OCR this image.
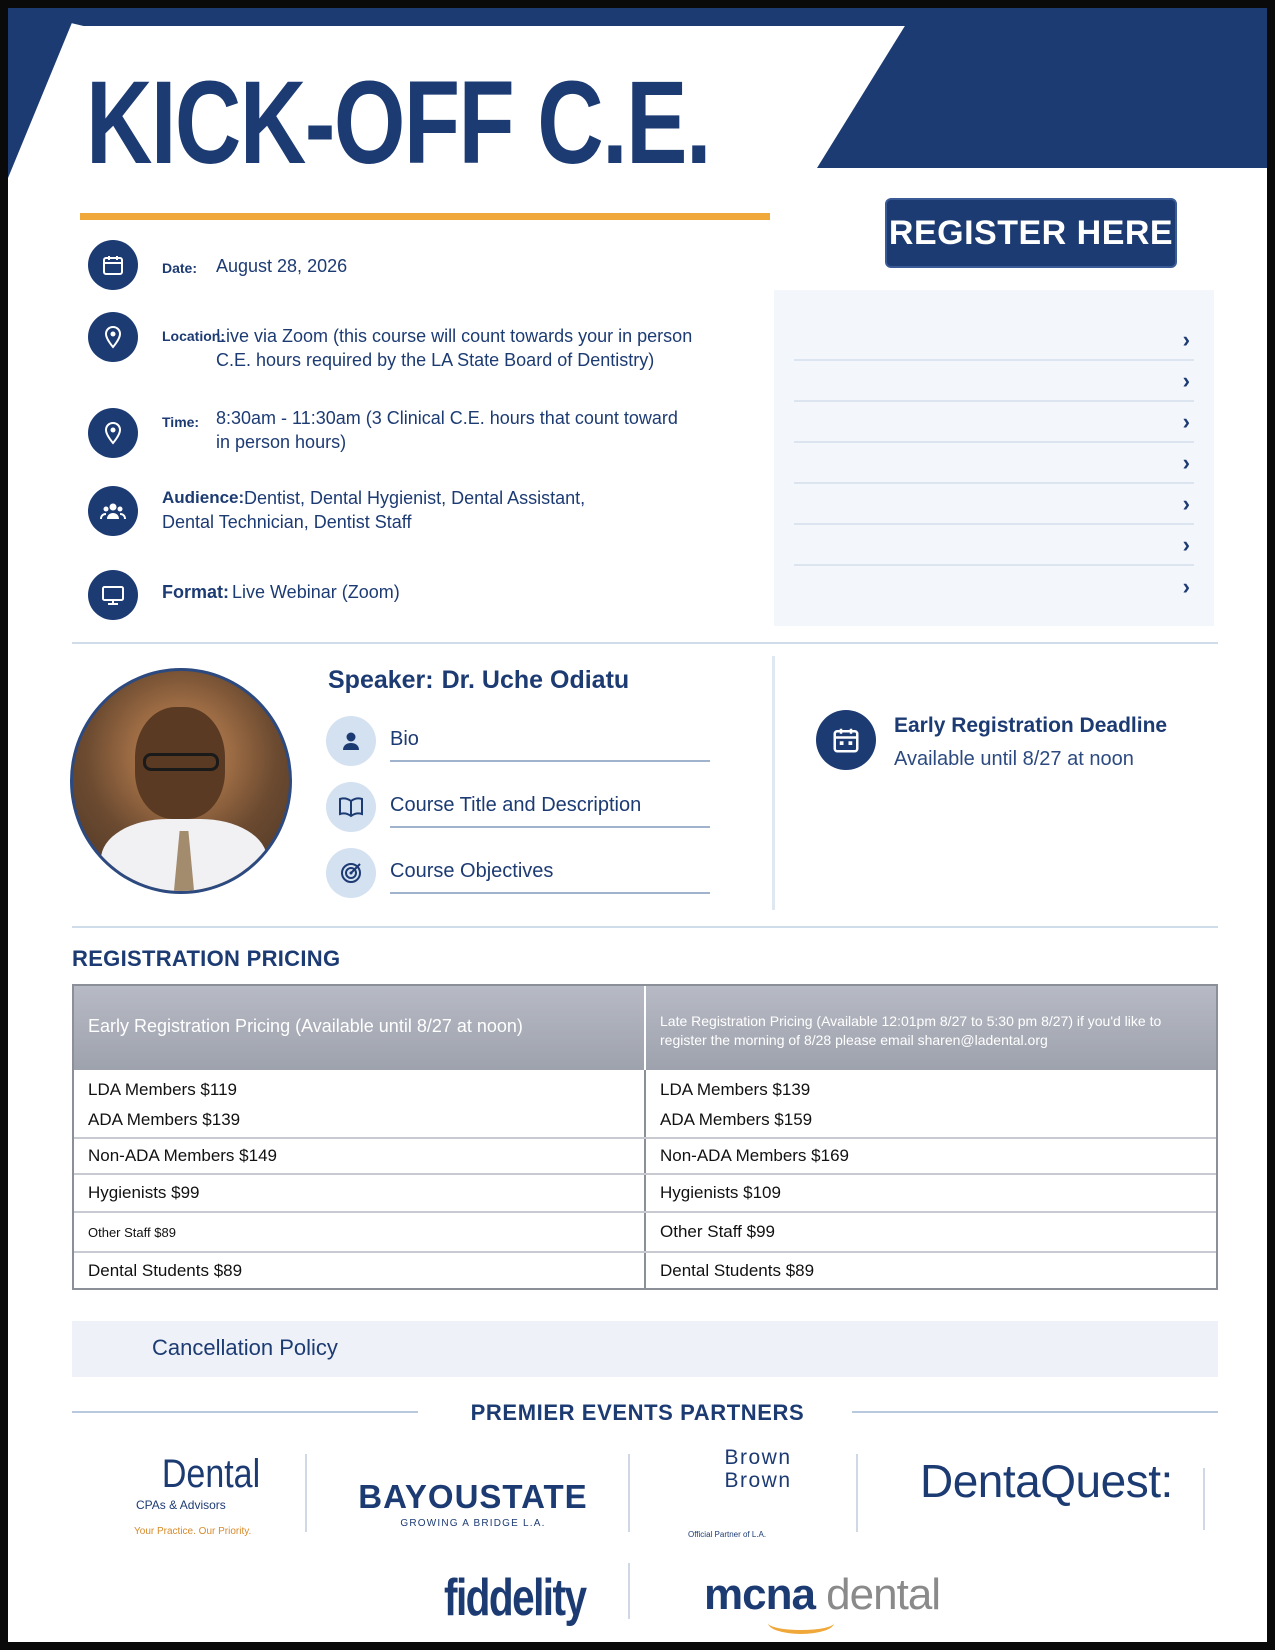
KICK-OFF C.E.
REGISTER HERE
Date: August 28, 2026
Location:
Live via Zoom (this course will count towards your in person C.E. hours required by the LA State Board of Dentistry)
Time: 8:30am - 11:30am (3 Clinical C.E. hours that count toward in person hours)
Audience: Dentist, Dental Hygienist, Dental Assistant, Dental Technician, Dentist Staff
Format: Live Webinar (Zoom)
›
›
›
›
›
›
›
Speaker: Dr. Uche Odiatu
Bio
Course Title and Description
Course Objectives
Early Registration Deadline
Available until 8/27 at noon
REGISTRATION PRICING
Early Registration Pricing (Available until 8/27 at noon)	Late Registration Pricing (Available 12:01pm 8/27 to 5:30 pm 8/27) if you'd like to register the morning of 8/28 please email sharen@ladental.org
LDA Members $119	LDA Members $139
ADA Members $139	ADA Members $159
Non-ADA Members $149	Non-ADA Members $169
Hygienists $99	Hygienists $109
Other Staff $89	Other Staff $99
Dental Students $89	Dental Students $89
Cancellation Policy
PREMIER EVENTS PARTNERS
Dental
CPAs & Advisors
Your Practice. Our Priority.
BAYOUSTATE
GROWING A BRIDGE L.A.
Brown
Brown
Official Partner of L.A.
DentaQuest:
fiddelity	mcna dental
